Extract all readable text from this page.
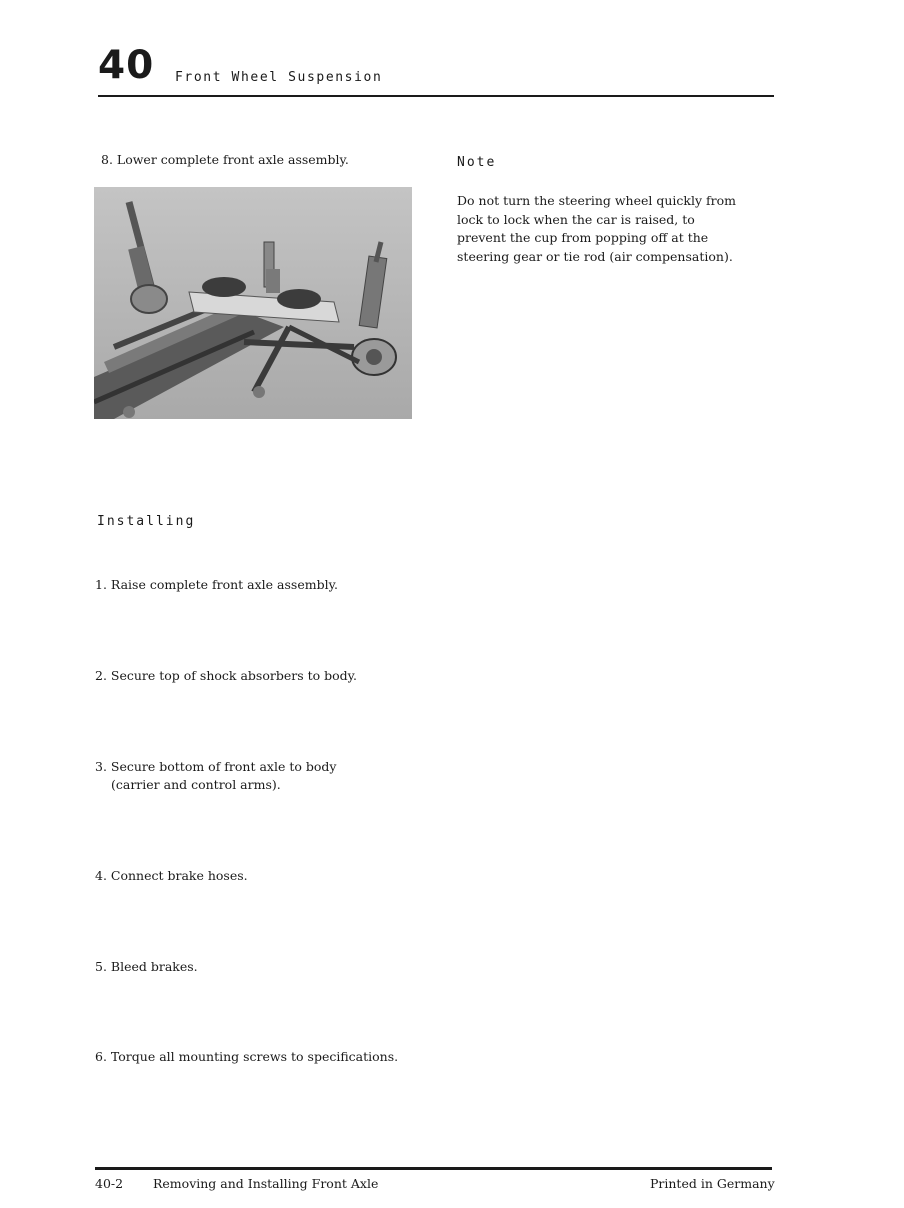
40 Front Wheel Suspension
8. Lower complete front axle assembly.	Note
Do not turn the steering wheel quickly from
lock to lock when the car is raised, to
prevent the cup from popping off at the
steering gear or tie rod (air compensation).
Installing
1. Raise complete front axle assembly.
2. Secure top of shock absorbers to body.
3. Secure bottom of front axle to body
(carrier and control arms).
4. Connect brake hoses.
5. Bleed brakes.
6. Torque all mounting screws to specifications.
40-2 Removing and Installing Front Axle	Printed in Germany
